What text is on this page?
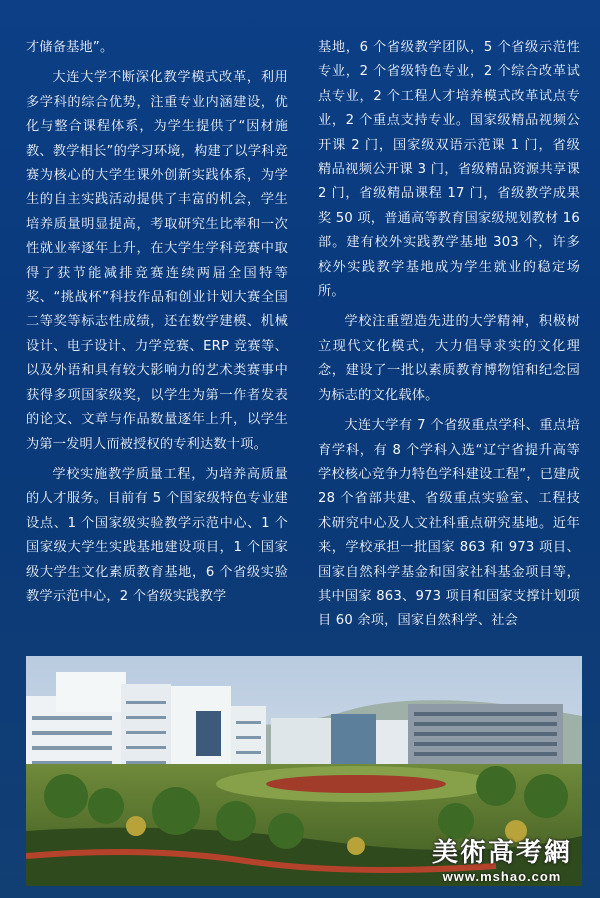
才储备基地”。

大连大学不断深化教学模式改革，利用多学科的综合优势，注重专业内涵建设，优化与整合课程体系，为学生提供了“因材施教、教学相长”的学习环境，构建了以学科竞赛为核心的大学生课外创新实践体系，为学生的自主实践活动提供了丰富的机会，学生培养质量明显提高，考取研究生比率和一次性就业率逐年上升，在大学生学科竞赛中取得了获节能减排竞赛连续两届全国特等奖、“挑战杯”科技作品和创业计划大赛全国二等奖等标志性成绩，还在数学建模、机械设计、电子设计、力学竞赛、ERP 竞赛等、以及外语和具有较大影响力的艺术类赛事中获得多项国家级奖，以学生为第一作者发表的论文、文章与作品数量逐年上升，以学生为第一发明人而被授权的专利达数十项。

学校实施教学质量工程，为培养高质量的人才服务。目前有 5 个国家级特色专业建设点、1 个国家级实验教学示范中心、1 个国家级大学生实践基地建设项目，1 个国家级大学生文化素质教育基地，6 个省级实验教学示范中心，2 个省级实践教学

基地，6 个省级教学团队，5 个省级示范性专业，2 个省级特色专业，2 个综合改革试点专业，2 个工程人才培养模式改革试点专业，2 个重点支持专业。国家级精品视频公开课 2 门，国家级双语示范课 1 门，省级精品视频公开课 3 门，省级精品资源共享课 2 门，省级精品课程 17 门，省级教学成果奖 50 项，普通高等教育国家级规划教材 16 部。建有校外实践教学基地 303 个，许多校外实践教学基地成为学生就业的稳定场所。

学校注重塑造先进的大学精神，积极树立现代文化模式，大力倡导求实的文化理念，建设了一批以素质教育博物馆和纪念园为标志的文化载体。

大连大学有 7 个省级重点学科、重点培育学科，有 8 个学科入选“辽宁省提升高等学校核心竞争力特色学科建设工程”，已建成 28 个省部共建、省级重点实验室、工程技术研究中心及人文社科重点研究基地。近年来，学校承担一批国家 863 和 973 项目、国家自然科学基金和国家社科基金项目等，其中国家 863、973 项目和国家支撑计划项目 60 余项，国家自然科学、社会

美術高考網
www.mshao.com
